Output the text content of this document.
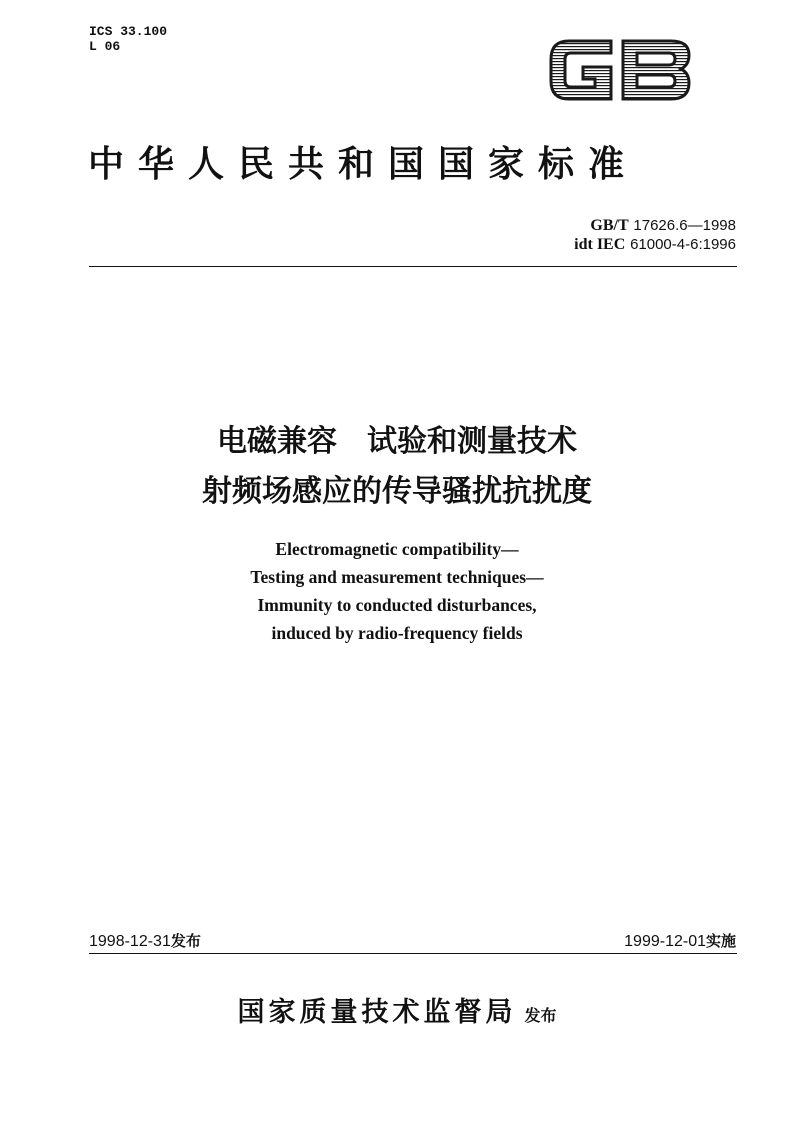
ICS 33.100
L 06
中华人民共和国国家标准
GB/T 17626.6—1998
idt IEC 61000-4-6:1996
电磁兼容　试验和测量技术
射频场感应的传导骚扰抗扰度
Electromagnetic compatibility—
Testing and measurement techniques—
Immunity to conducted disturbances,
induced by radio-frequency fields
1998-12-31发布	1999-12-01实施
国家质量技术监督局 发布
